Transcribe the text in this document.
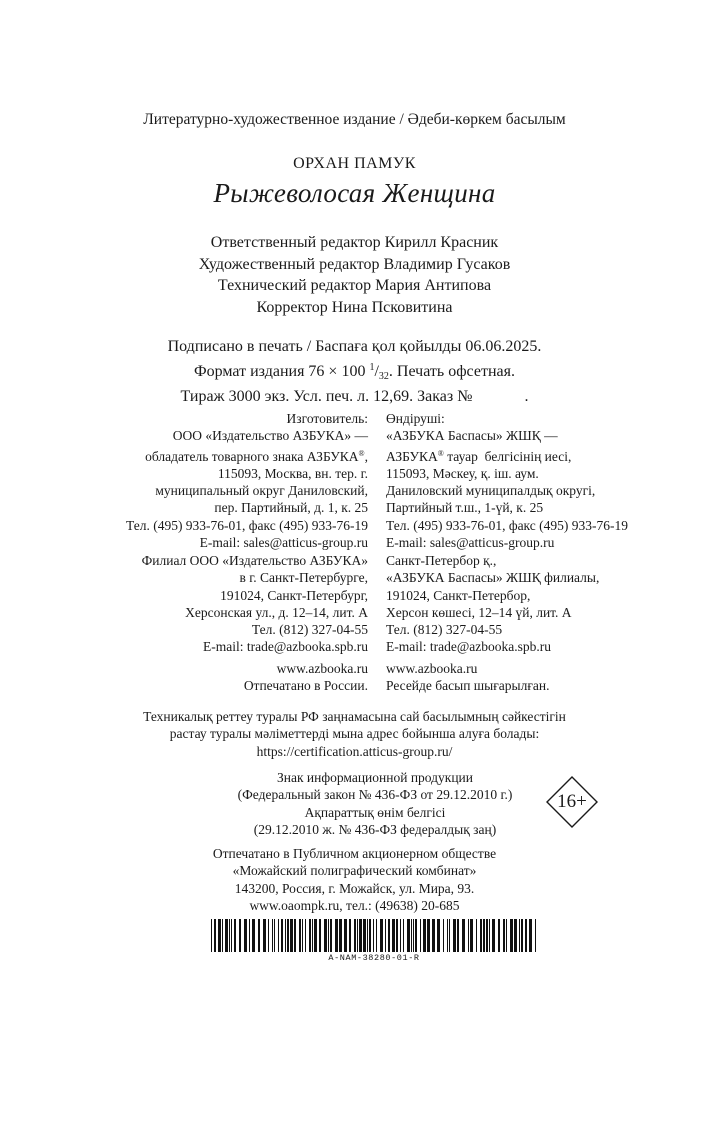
Литературно-художественное издание / Әдеби-көркем басылым
ОРХАН ПАМУК
Рыжеволосая Женщина
Ответственный редактор Кирилл Красник
Художественный редактор Владимир Гусаков
Технический редактор Мария Антипова
Корректор Нина Псковитина
Подписано в печать / Баспаға қол қойылды 06.06.2025.
Формат издания 76 × 100 $^1/_{32}$. Печать офсетная.
Тираж 3000 экз. Усл. печ. л. 12,69. Заказ №             .
Изготовитель:
ООО «Издательство АЗБУКА» —
обладатель товарного знака АЗБУКА®,
115093, Москва, вн. тер. г.
муниципальный округ Даниловский,
пер. Партийный, д. 1, к. 25
Тел. (495) 933-76-01, факс (495) 933-76-19
E-mail: sales@atticus-group.ru
Өндіруші:
«АЗБУКА Баспасы» ЖШҚ —
АЗБУКА® тауар  белгісінің иесі,
115093, Мәскеу, қ. іш. аум.
Даниловский муниципалдық округі,
Партийный т.ш., 1-үй, к. 25
Тел. (495) 933-76-01, факс (495) 933-76-19
E-mail: sales@atticus-group.ru
Филиал ООО «Издательство АЗБУКА»
в г. Санкт-Петербурге,
191024, Санкт-Петербург,
Херсонская ул., д. 12–14, лит. А
Тел. (812) 327-04-55
E-mail: trade@azbooka.spb.ru
Санкт-Петербор қ.,
«АЗБУКА Баспасы» ЖШҚ филиалы,
191024, Санкт-Петербор,
Херсон көшесі, 12–14 үй, лит. А
Тел. (812) 327-04-55
E-mail: trade@azbooka.spb.ru
www.azbooka.ru
Отпечатано в России.
www.azbooka.ru
Ресейде басып шығарылған.
Техникалық реттеу туралы РФ заңнамасына сай басылымның сәйкестігін
растау туралы мәліметтерді мына адрес бойынша алуға болады:
https://certification.atticus-group.ru/
Знак информационной продукции
(Федеральный закон № 436-ФЗ от 29.12.2010 г.)
Ақпараттық өнім белгісі
(29.12.2010 ж. № 436-ФЗ федералдық заң)
16+
Отпечатано в Публичном акционерном обществе
«Можайский полиграфический комбинат»
143200, Россия, г. Можайск, ул. Мира, 93.
www.oaompk.ru, тел.: (49638) 20-685
A-NAM-38280-01-R
